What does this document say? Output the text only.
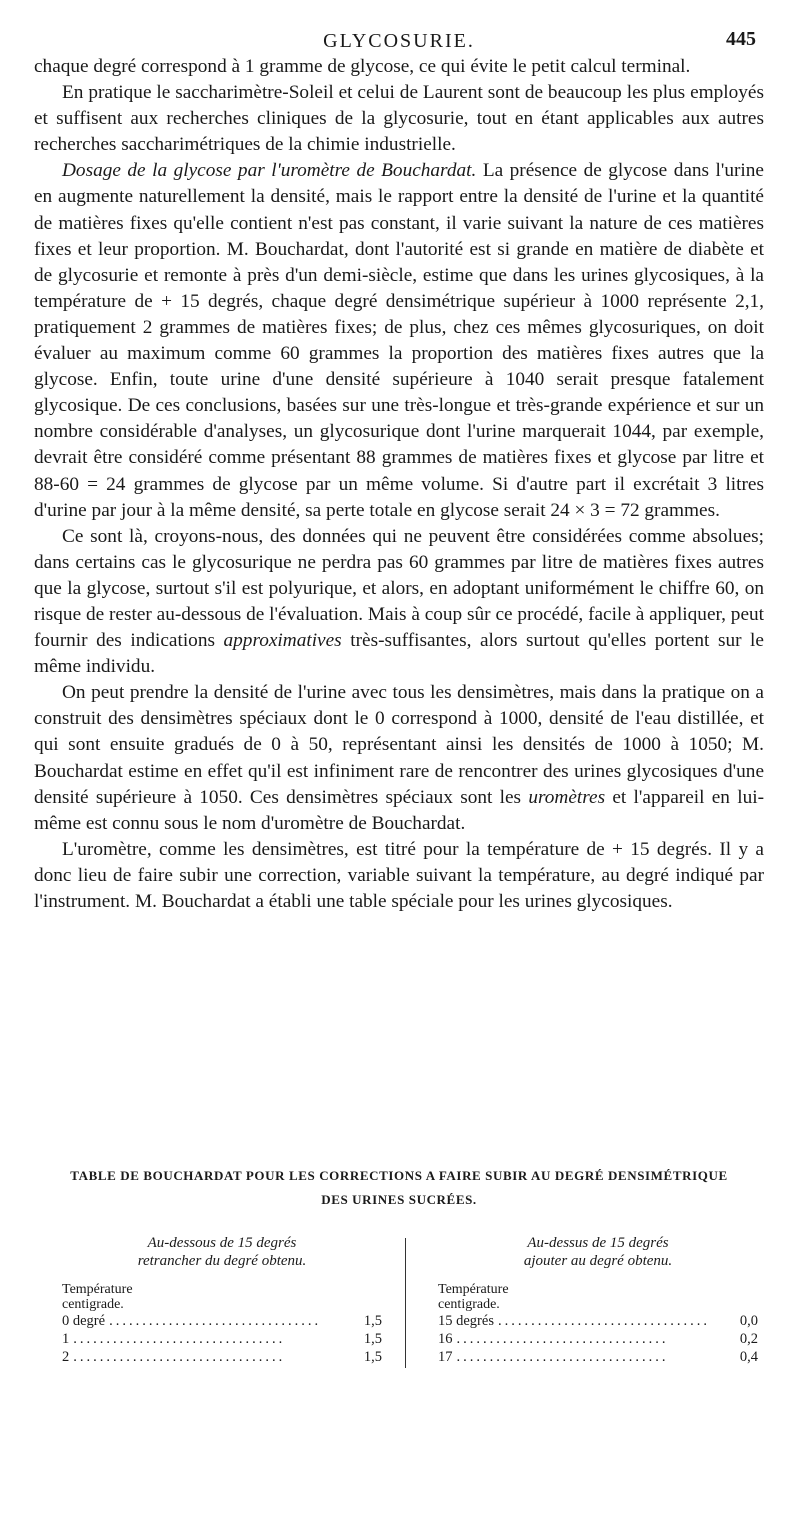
GLYCOSURIE.	445

chaque degré correspond à 1 gramme de glycose, ce qui évite le petit calcul terminal.

En pratique le saccharimètre-Soleil et celui de Laurent sont de beaucoup les plus employés et suffisent aux recherches cliniques de la glycosurie, tout en étant applicables aux autres recherches saccharimétriques de la chimie industrielle.

Dosage de la glycose par l'uromètre de Bouchardat. La présence de glycose dans l'urine en augmente naturellement la densité, mais le rapport entre la densité de l'urine et la quantité de matières fixes qu'elle contient n'est pas constant, il varie suivant la nature de ces matières fixes et leur proportion. M. Bouchardat, dont l'autorité est si grande en matière de diabète et de glycosurie et remonte à près d'un demi-siècle, estime que dans les urines glycosiques, à la température de + 15 degrés, chaque degré densimétrique supérieur à 1000 représente 2,1, pratiquement 2 grammes de matières fixes; de plus, chez ces mêmes glycosuriques, on doit évaluer au maximum comme 60 grammes la proportion des matières fixes autres que la glycose. Enfin, toute urine d'une densité supérieure à 1040 serait presque fatalement glycosique. De ces conclusions, basées sur une très-longue et très-grande expérience et sur un nombre considérable d'analyses, un glycosurique dont l'urine marquerait 1044, par exemple, devrait être considéré comme présentant 88 grammes de matières fixes et glycose par litre et 88-60 = 24 grammes de glycose par un même volume. Si d'autre part il excrétait 3 litres d'urine par jour à la même densité, sa perte totale en glycose serait 24 × 3 = 72 grammes.

Ce sont là, croyons-nous, des données qui ne peuvent être considérées comme absolues; dans certains cas le glycosurique ne perdra pas 60 grammes par litre de matières fixes autres que la glycose, surtout s'il est polyurique, et alors, en adoptant uniformément le chiffre 60, on risque de rester au-dessous de l'évaluation. Mais à coup sûr ce procédé, facile à appliquer, peut fournir des indications approximatives très-suffisantes, alors surtout qu'elles portent sur le même individu.

On peut prendre la densité de l'urine avec tous les densimètres, mais dans la pratique on a construit des densimètres spéciaux dont le 0 correspond à 1000, densité de l'eau distillée, et qui sont ensuite gradués de 0 à 50, représentant ainsi les densités de 1000 à 1050; M. Bouchardat estime en effet qu'il est infiniment rare de rencontrer des urines glycosiques d'une densité supérieure à 1050. Ces densimètres spéciaux sont les uromètres et l'appareil en lui-même est connu sous le nom d'uromètre de Bouchardat.

L'uromètre, comme les densimètres, est titré pour la température de + 15 degrés. Il y a donc lieu de faire subir une correction, variable suivant la température, au degré indiqué par l'instrument. M. Bouchardat a établi une table spéciale pour les urines glycosiques.

TABLE DE BOUCHARDAT POUR LES CORRECTIONS A FAIRE SUBIR AU DEGRÉ DENSIMÉTRIQUE
DES URINES SUCRÉES.
Au-dessous de 15 degrés
retrancher du degré obtenu.
Température
centigrade.
0 degré ................................	1,5
1 ................................	1,5
2 ................................	1,5
Au-dessus de 15 degrés
ajouter au degré obtenu.
Température
centigrade.
15 degrés ................................	0,0
16 ................................	0,2
17 ................................	0,4
